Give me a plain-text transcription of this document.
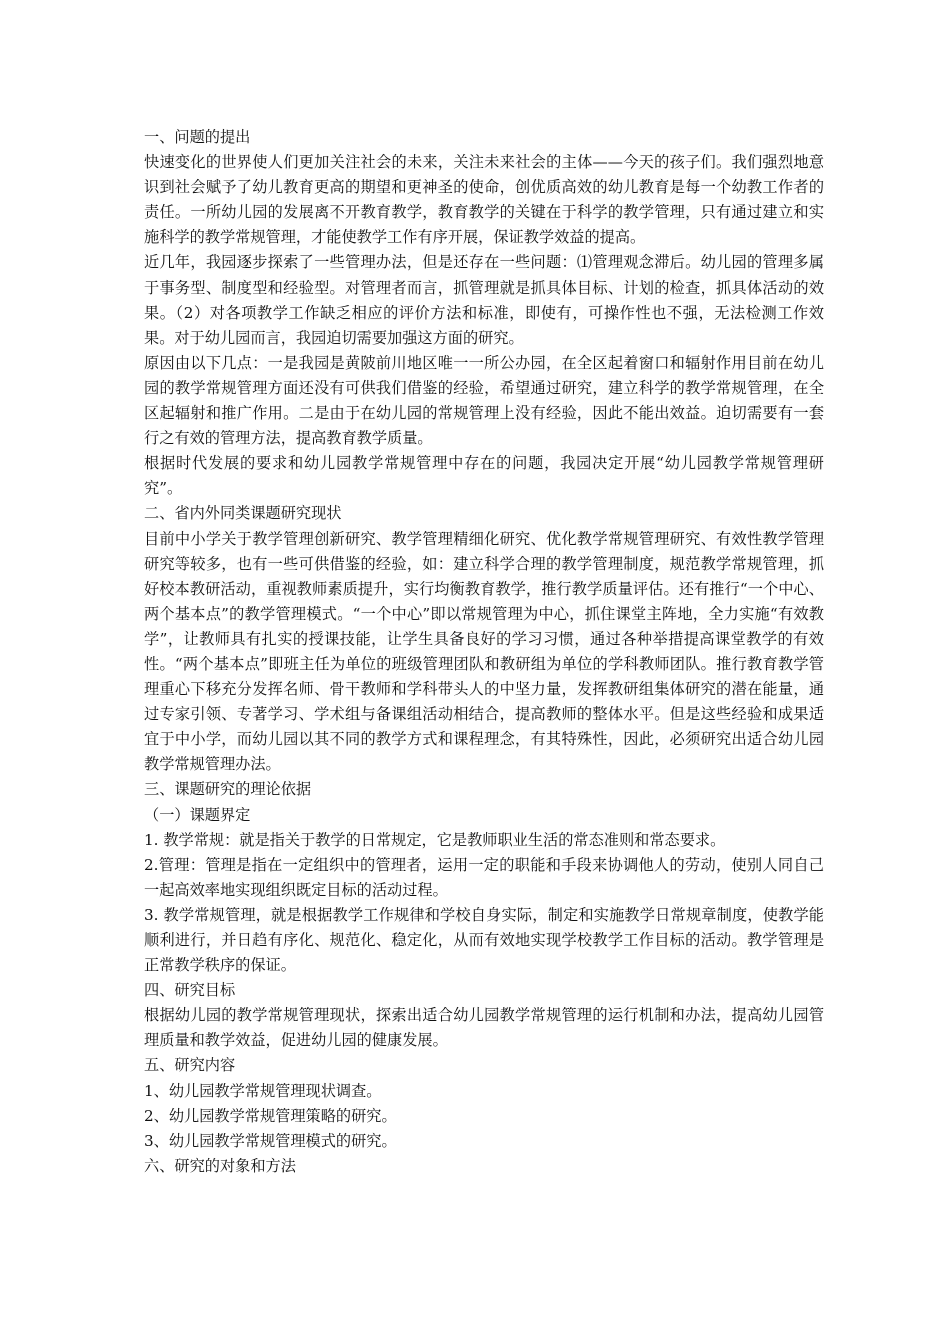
一、问题的提出

快速变化的世界使人们更加关注社会的未来，关注未来社会的主体——今天的孩子们。我们强烈地意识到社会赋予了幼儿教育更高的期望和更神圣的使命，创优质高效的幼儿教育是每一个幼教工作者的责任。一所幼儿园的发展离不开教育教学，教育教学的关键在于科学的教学管理，只有通过建立和实施科学的教学常规管理，才能使教学工作有序开展，保证教学效益的提高。

近几年，我园逐步探索了一些管理办法，但是还存在一些问题：⑴管理观念滞后。幼儿园的管理多属于事务型、制度型和经验型。对管理者而言，抓管理就是抓具体目标、计划的检查，抓具体活动的效果。（2）对各项教学工作缺乏相应的评价方法和标准，即使有，可操作性也不强，无法检测工作效果。对于幼儿园而言，我园迫切需要加强这方面的研究。

原因由以下几点：一是我园是黄陂前川地区唯一一所公办园，在全区起着窗口和辐射作用目前在幼儿园的教学常规管理方面还没有可供我们借鉴的经验，希望通过研究，建立科学的教学常规管理，在全区起辐射和推广作用。二是由于在幼儿园的常规管理上没有经验，因此不能出效益。迫切需要有一套行之有效的管理方法，提高教育教学质量。

根据时代发展的要求和幼儿园教学常规管理中存在的问题，我园决定开展“幼儿园教学常规管理研究”。

二、省内外同类课题研究现状

目前中小学关于教学管理创新研究、教学管理精细化研究、优化教学常规管理研究、有效性教学管理研究等较多，也有一些可供借鉴的经验，如：建立科学合理的教学管理制度，规范教学常规管理，抓好校本教研活动，重视教师素质提升，实行均衡教育教学，推行教学质量评估。还有推行“一个中心、两个基本点”的教学管理模式。“一个中心”即以常规管理为中心，抓住课堂主阵地，全力实施“有效教学”，让教师具有扎实的授课技能，让学生具备良好的学习习惯，通过各种举措提高课堂教学的有效性。“两个基本点”即班主任为单位的班级管理团队和教研组为单位的学科教师团队。推行教育教学管理重心下移充分发挥名师、骨干教师和学科带头人的中坚力量，发挥教研组集体研究的潜在能量，通过专家引领、专著学习、学术组与备课组活动相结合，提高教师的整体水平。但是这些经验和成果适宜于中小学，而幼儿园以其不同的教学方式和课程理念，有其特殊性，因此，必须研究出适合幼儿园教学常规管理办法。

三、课题研究的理论依据

（一）课题界定

1. 教学常规：就是指关于教学的日常规定，它是教师职业生活的常态准则和常态要求。

2.管理：管理是指在一定组织中的管理者，运用一定的职能和手段来协调他人的劳动，使别人同自己一起高效率地实现组织既定目标的活动过程。

3. 教学常规管理，就是根据教学工作规律和学校自身实际，制定和实施教学日常规章制度，使教学能顺利进行，并日趋有序化、规范化、稳定化，从而有效地实现学校教学工作目标的活动。教学管理是正常教学秩序的保证。

四、研究目标

根据幼儿园的教学常规管理现状，探索出适合幼儿园教学常规管理的运行机制和办法，提高幼儿园管理质量和教学效益，促进幼儿园的健康发展。

五、研究内容

1、幼儿园教学常规管理现状调查。

2、幼儿园教学常规管理策略的研究。

3、幼儿园教学常规管理模式的研究。

六、研究的对象和方法
